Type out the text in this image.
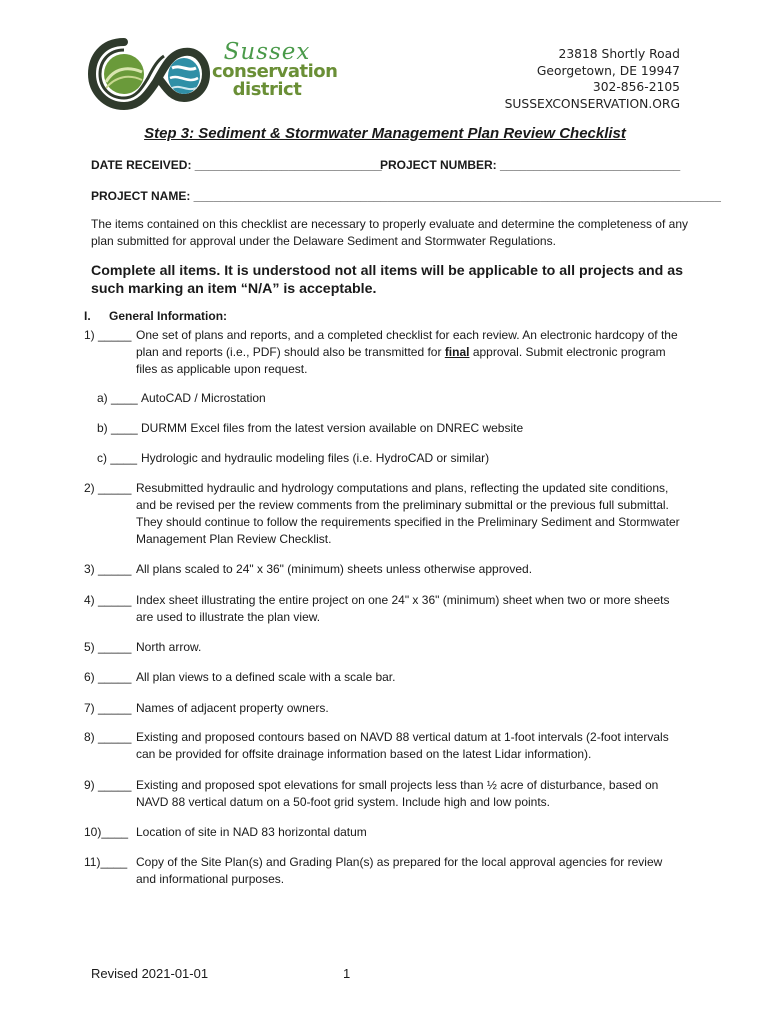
Sussex
conservation
district
23818 Shortly Road
Georgetown, DE 19947
302-856-2105
SUSSEXCONSERVATION.ORG
Step 3: Sediment & Stormwater Management Plan Review Checklist
DATE RECEIVED: ____________________________
PROJECT NUMBER: ___________________________
PROJECT NAME: _______________________________________________________________________________
The items contained on this checklist are necessary to properly evaluate and determine the completeness of any plan submitted for approval under the Delaware Sediment and Stormwater Regulations.
Complete all items. It is understood not all items will be applicable to all projects and as such marking an item “N/A” is acceptable.
I. General Information:
1) _____ One set of plans and reports, and a completed checklist for each review. An electronic hardcopy of the plan and reports (i.e., PDF) should also be transmitted for final approval. Submit electronic program files as applicable upon request.
a) ____ AutoCAD / Microstation
b) ____ DURMM Excel files from the latest version available on DNREC website
c) ____ Hydrologic and hydraulic modeling files (i.e. HydroCAD or similar)
2) _____ Resubmitted hydraulic and hydrology computations and plans, reflecting the updated site conditions, and be revised per the review comments from the preliminary submittal or the previous full submittal. They should continue to follow the requirements specified in the Preliminary Sediment and Stormwater Management Plan Review Checklist.
3) _____ All plans scaled to 24" x 36" (minimum) sheets unless otherwise approved.
4) _____ Index sheet illustrating the entire project on one 24" x 36" (minimum) sheet when two or more sheets are used to illustrate the plan view.
5) _____ North arrow.
6) _____ All plan views to a defined scale with a scale bar.
7) _____ Names of adjacent property owners.
8) _____ Existing and proposed contours based on NAVD 88 vertical datum at 1-foot intervals (2-foot intervals can be provided for offsite drainage information based on the latest Lidar information).
9) _____ Existing and proposed spot elevations for small projects less than ½ acre of disturbance, based on NAVD 88 vertical datum on a 50-foot grid system. Include high and low points.
10)____ Location of site in NAD 83 horizontal datum
11)____ Copy of the Site Plan(s) and Grading Plan(s) as prepared for the local approval agencies for review and informational purposes.
Revised 2021-01-01	1
